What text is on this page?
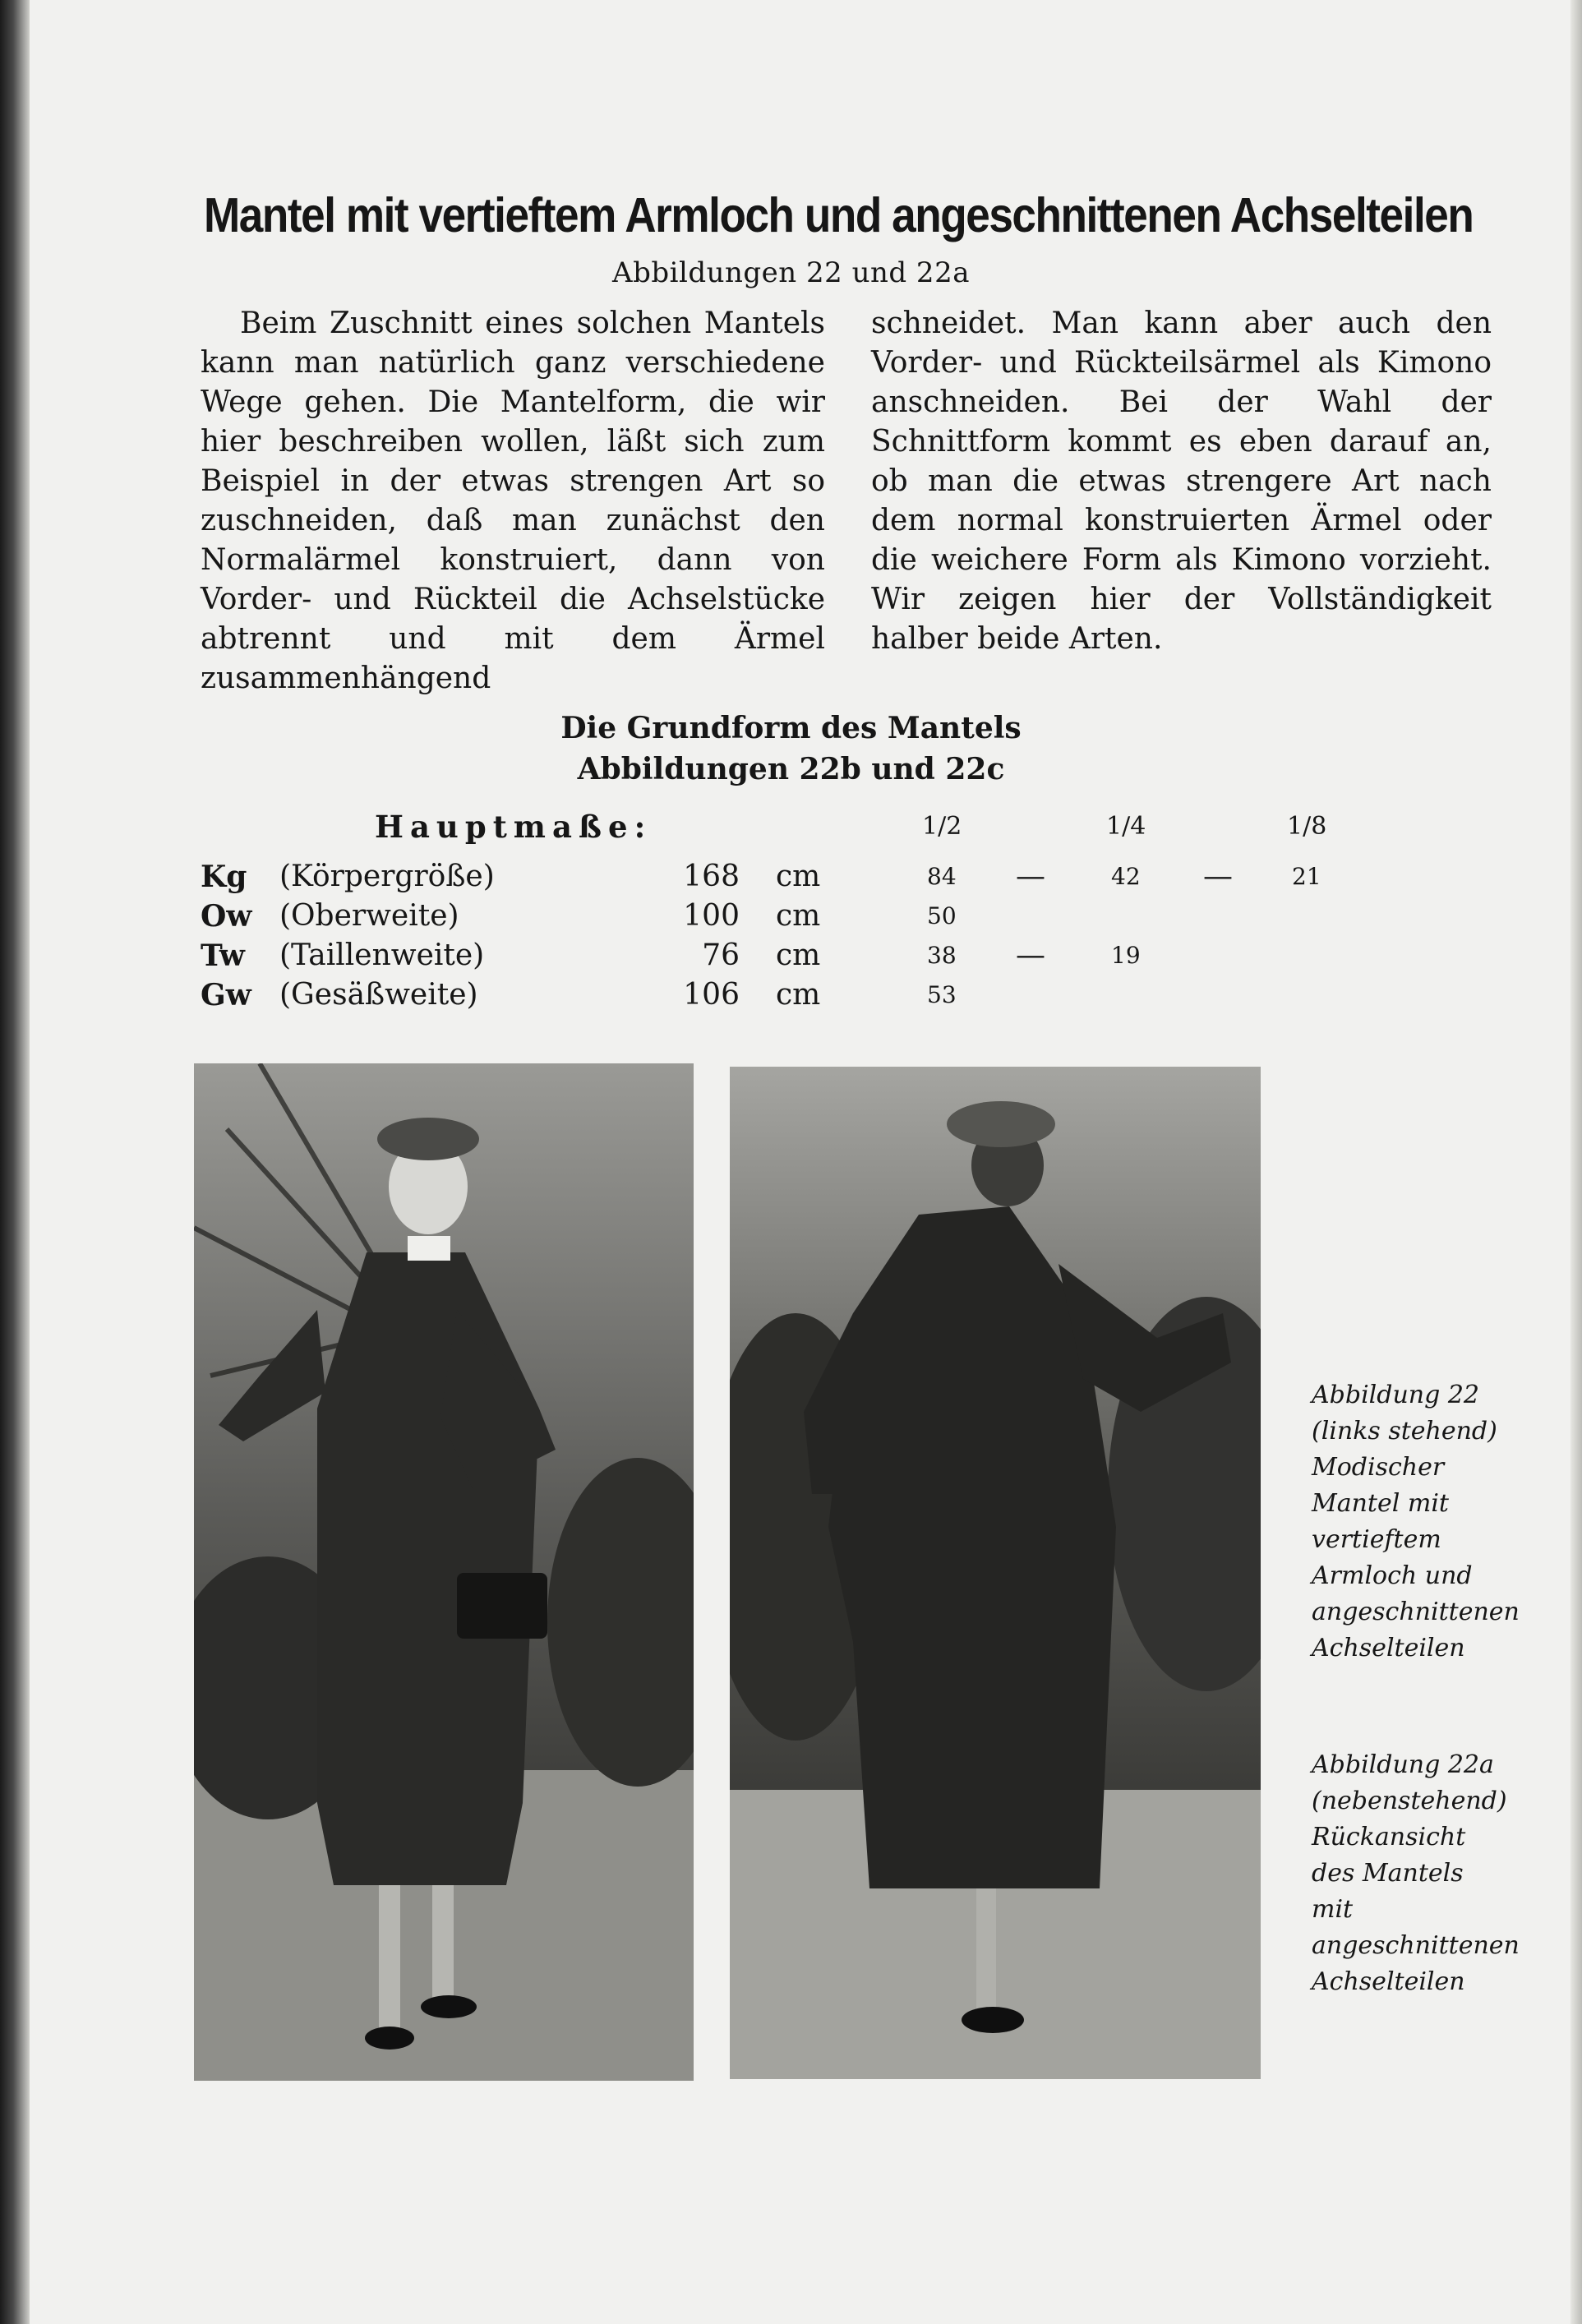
Mantel mit vertieftem Armloch und angeschnittenen Achselteilen
Abbildungen 22 und 22a
Beim Zuschnitt eines solchen Mantels kann man natürlich ganz verschiedene Wege gehen. Die Mantelform, die wir hier beschreiben wollen, läßt sich zum Beispiel in der etwas strengen Art so zuschneiden, daß man zunächst den Normalärmel konstruiert, dann von Vorder- und Rückteil die Achselstücke abtrennt und mit dem Ärmel zusammenhängend
schneidet. Man kann aber auch den Vorder- und Rückteilsärmel als Kimono anschneiden. Bei der Wahl der Schnittform kommt es eben darauf an, ob man die etwas strengere Art nach dem normal konstruierten Ärmel oder die weichere Form als Kimono vorzieht. Wir zeigen hier der Vollständigkeit halber beide Arten.
Die Grundform des Mantels
Abbildungen 22b und 22c
Hauptmaße:	1/2	1/4	1/8
Kg (Körpergröße)	168 cm	84 —	42 —	21
Ow (Oberweite)	100 cm	50
Tw (Taillenweite)	76 cm	38 —	19
Gw (Gesäßweite)	106 cm	53
Abbildung 22 (links stehend) Modischer Mantel mit vertieftem Armloch und angeschnittenen Achselteilen
Abbildung 22a (nebenstehend) Rückansicht des Mantels mit angeschnittenen Achselteilen
